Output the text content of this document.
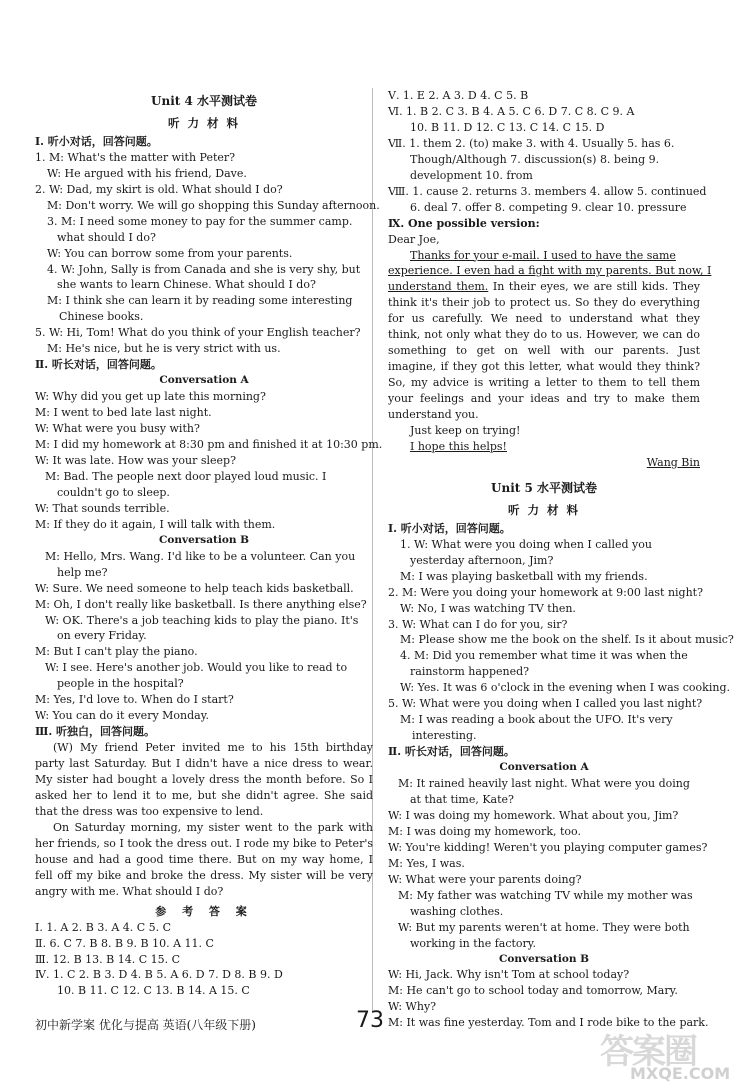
Unit 4 水平测试卷
听 力 材 料
Ⅰ. 听小对话，回答问题。
1. M: What's the matter with Peter?
W: He argued with his friend, Dave.
2. W: Dad, my skirt is old. What should I do?
M: Don't worry. We will go shopping this Sunday afternoon.
3. M: I need some money to pay for the summer camp. what should I do?
W: You can borrow some from your parents.
4. W: John, Sally is from Canada and she is very shy, but she wants to learn Chinese. What should I do?
M: I think she can learn it by reading some interesting Chinese books.
5. W: Hi, Tom! What do you think of your English teacher?
M: He's nice, but he is very strict with us.
Ⅱ. 听长对话，回答问题。
Conversation A
W: Why did you get up late this morning?
M: I went to bed late last night.
W: What were you busy with?
M: I did my homework at 8:30 pm and finished it at 10:30 pm.
W: It was late. How was your sleep?
M: Bad. The people next door played loud music. I couldn't go to sleep.
W: That sounds terrible.
M: If they do it again, I will talk with them.
Conversation B
M: Hello, Mrs. Wang. I'd like to be a volunteer. Can you help me?
W: Sure. We need someone to help teach kids basketball.
M: Oh, I don't really like basketball. Is there anything else?
W: OK. There's a job teaching kids to play the piano. It's on every Friday.
M: But I can't play the piano.
W: I see. Here's another job. Would you like to read to people in the hospital?
M: Yes, I'd love to. When do I start?
W: You can do it every Monday.
Ⅲ. 听独白，回答问题。
(W) My friend Peter invited me to his 15th birthday party last Saturday. But I didn't have a nice dress to wear. My sister had bought a lovely dress the month before. So I asked her to lend it to me, but she didn't agree. She said that the dress was too expensive to lend.
On Saturday morning, my sister went to the park with her friends, so I took the dress out. I rode my bike to Peter's house and had a good time there. But on my way home, I fell off my bike and broke the dress. My sister will be very angry with me. What should I do?
参 考 答 案
Ⅰ. 1. A 2. B 3. A 4. C 5. C
Ⅱ. 6. C 7. B 8. B 9. B 10. A 11. C
Ⅲ. 12. B 13. B 14. C 15. C
Ⅳ. 1. C 2. B 3. D 4. B 5. A 6. D 7. D 8. B 9. D
10. B 11. C 12. C 13. B 14. A 15. C
Ⅴ. 1. E 2. A 3. D 4. C 5. B
Ⅵ. 1. B 2. C 3. B 4. A 5. C 6. D 7. C 8. C 9. A
10. B 11. D 12. C 13. C 14. C 15. D
Ⅶ. 1. them 2. (to) make 3. with 4. Usually 5. has 6.
Though/Although 7. discussion(s) 8. being 9.
development 10. from
Ⅷ. 1. cause 2. returns 3. members 4. allow 5. continued
6. deal 7. offer 8. competing 9. clear 10. pressure
Ⅸ. One possible version:
Dear Joe,
Thanks for your e-mail. I used to have the same
experience. I even had a fight with my parents. But now, I
understand them. In their eyes, we are still kids. They think it's their job to protect us. So they do everything for us carefully. We need to understand what they think, not only what they do to us. However, we can do something to get on well with our parents. Just imagine, if they got this letter, what would they think? So, my advice is writing a letter to them to tell them your feelings and your ideas and try to make them understand you.
Just keep on trying!
I hope this helps!
Wang Bin
Unit 5 水平测试卷
听 力 材 料
Ⅰ. 听小对话，回答问题。
1. W: What were you doing when I called you yesterday afternoon, Jim?
M: I was playing basketball with my friends.
2. M: Were you doing your homework at 9:00 last night?
W: No, I was watching TV then.
3. W: What can I do for you, sir?
M: Please show me the book on the shelf. Is it about music?
4. M: Did you remember what time it was when the rainstorm happened?
W: Yes. It was 6 o'clock in the evening when I was cooking.
5. W: What were you doing when I called you last night?
M: I was reading a book about the UFO. It's very interesting.
Ⅱ. 听长对话，回答问题。
Conversation A
M: It rained heavily last night. What were you doing at that time, Kate?
W: I was doing my homework. What about you, Jim?
M: I was doing my homework, too.
W: You're kidding! Weren't you playing computer games?
M: Yes, I was.
W: What were your parents doing?
M: My father was watching TV while my mother was washing clothes.
W: But my parents weren't at home. They were both working in the factory.
Conversation B
W: Hi, Jack. Why isn't Tom at school today?
M: He can't go to school today and tomorrow, Mary.
W: Why?
M: It was fine yesterday. Tom and I rode bike to the park.
初中新学案 优化与提高 英语(八年级下册)	73
答案圈
MXQE.COM
